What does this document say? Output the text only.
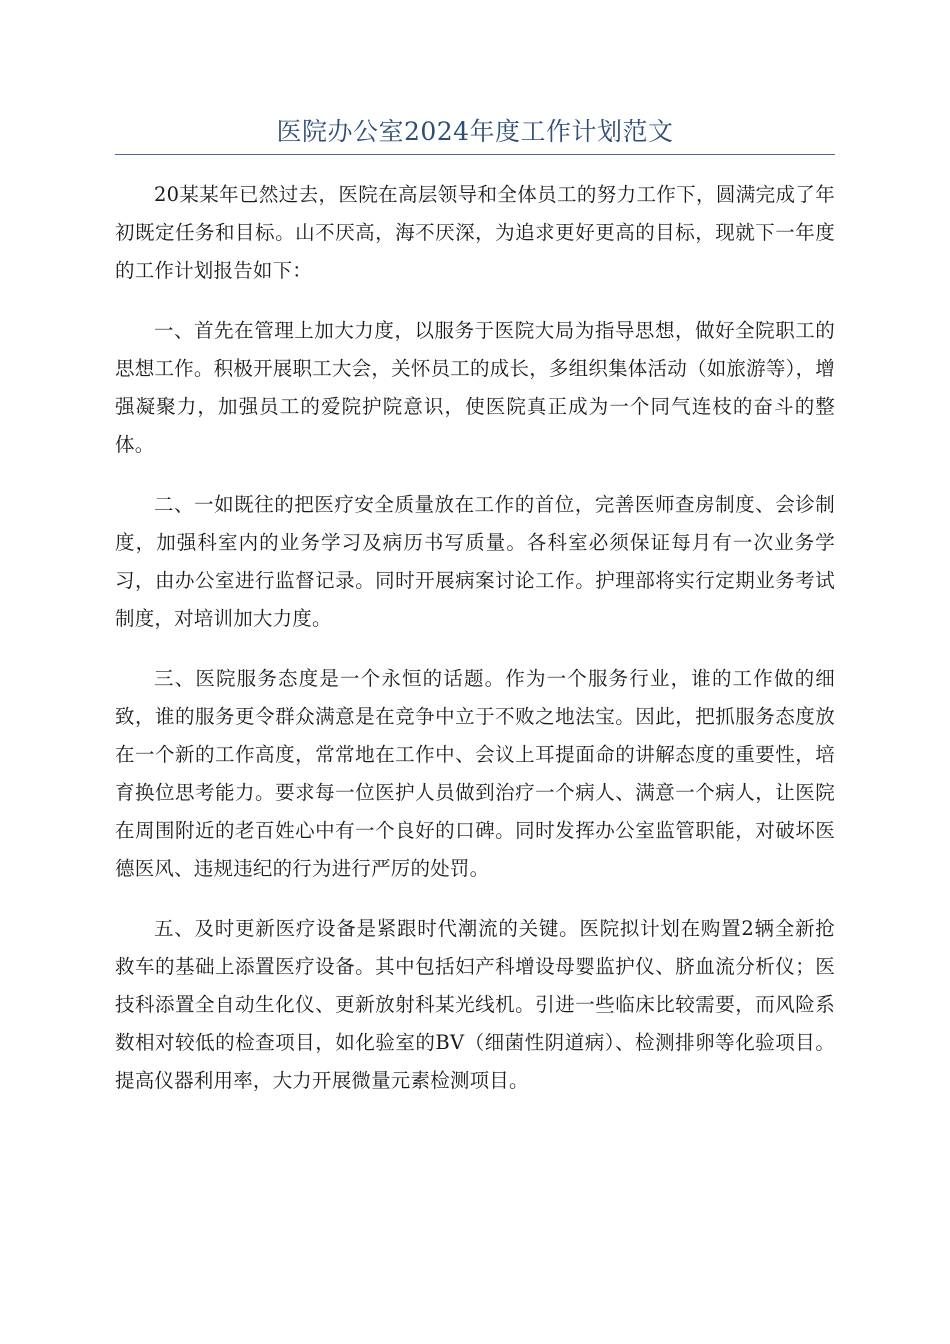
医院办公室2024年度工作计划范文

20某某年已然过去，医院在高层领导和全体员工的努力工作下，圆满完成了年初既定任务和目标。山不厌高，海不厌深，为追求更好更高的目标，现就下一年度的工作计划报告如下：

一、首先在管理上加大力度，以服务于医院大局为指导思想，做好全院职工的思想工作。积极开展职工大会，关怀员工的成长，多组织集体活动（如旅游等），增强凝聚力，加强员工的爱院护院意识，使医院真正成为一个同气连枝的奋斗的整体。

二、一如既往的把医疗安全质量放在工作的首位，完善医师查房制度、会诊制度，加强科室内的业务学习及病历书写质量。各科室必须保证每月有一次业务学习，由办公室进行监督记录。同时开展病案讨论工作。护理部将实行定期业务考试制度，对培训加大力度。

三、医院服务态度是一个永恒的话题。作为一个服务行业，谁的工作做的细致，谁的服务更令群众满意是在竞争中立于不败之地法宝。因此，把抓服务态度放在一个新的工作高度，常常地在工作中、会议上耳提面命的讲解态度的重要性，培育换位思考能力。要求每一位医护人员做到治疗一个病人、满意一个病人，让医院在周围附近的老百姓心中有一个良好的口碑。同时发挥办公室监管职能，对破坏医德医风、违规违纪的行为进行严厉的处罚。

五、及时更新医疗设备是紧跟时代潮流的关键。医院拟计划在购置2辆全新抢救车的基础上添置医疗设备。其中包括妇产科增设母婴监护仪、脐血流分析仪；医技科添置全自动生化仪、更新放射科某光线机。引进一些临床比较需要，而风险系数相对较低的检查项目，如化验室的BV（细菌性阴道病）、检测排卵等化验项目。提高仪器利用率，大力开展微量元素检测项目。
